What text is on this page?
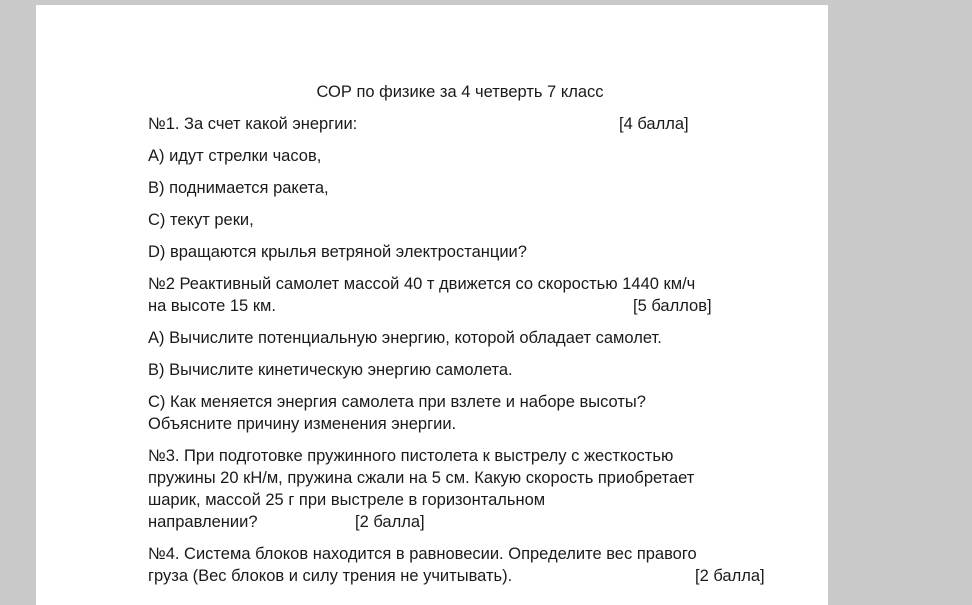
СОР по физике за 4 четверть 7 класс
№1. За счет какой энергии:	[4 балла]
А) идут стрелки часов,
В) поднимается ракета,
С) текут реки,
D) вращаются крылья ветряной электростанции?
№2 Реактивный самолет массой 40 т движется со скоростью 1440 км/ч
на высоте 15 км.	[5 баллов]
А) Вычислите потенциальную энергию, которой обладает самолет.
В) Вычислите кинетическую энергию самолета.
С) Как меняется энергия самолета при взлете и наборе высоты?
Объясните причину изменения энергии.
№3. При подготовке пружинного пистолета к выстрелу с жесткостью
пружины 20 кН/м, пружина сжали на 5 см. Какую скорость приобретает
шарик, массой 25 г при выстреле в горизонтальном
направлении?	[2 балла]
№4. Система блоков находится в равновесии. Определите вес правого
груза (Вес блоков и силу трения не учитывать).	[2 балла]
